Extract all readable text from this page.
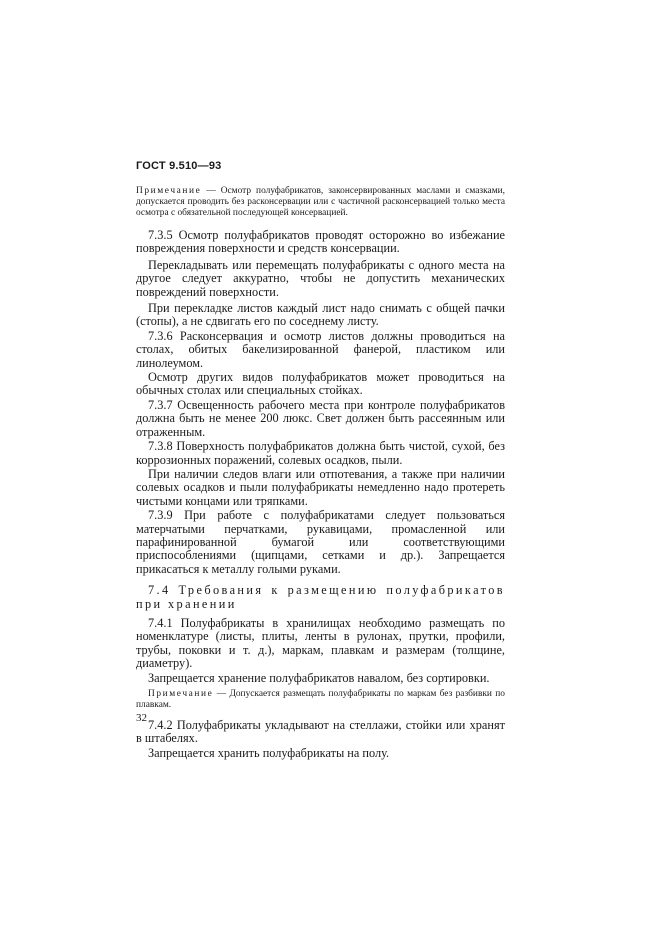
ГОСТ 9.510—93
Примечание — Осмотр полуфабрикатов, законсервированных маслами и смазками, допускается проводить без расконсервации или с частичной расконсервацией только места осмотра с обязательной последующей консервацией.

7.3.5 Осмотр полуфабрикатов проводят осторожно во избежание повреждения поверхности и средств консервации.

Перекладывать или перемещать полуфабрикаты с одного места на другое следует аккуратно, чтобы не допустить механических повреждений поверхности.

При перекладке листов каждый лист надо снимать с общей пачки (стопы), а не сдвигать его по соседнему листу.

7.3.6 Расконсервация и осмотр листов должны проводиться на столах, обитых бакелизированной фанерой, пластиком или линолеумом.

Осмотр других видов полуфабрикатов может проводиться на обычных столах или специальных стойках.

7.3.7 Освещенность рабочего места при контроле полуфабрикатов должна быть не менее 200 люкс. Свет должен быть рассеянным или отраженным.

7.3.8 Поверхность полуфабрикатов должна быть чистой, сухой, без коррозионных поражений, солевых осадков, пыли.

При наличии следов влаги или отпотевания, а также при наличии солевых осадков и пыли полуфабрикаты немедленно надо протереть чистыми концами или тряпками.

7.3.9 При работе с полуфабрикатами следует пользоваться матерчатыми перчатками, рукавицами, промасленной или парафинированной бумагой или соответствующими приспособлениями (щипцами, сетками и др.). Запрещается прикасаться к металлу голыми руками.

7.4 Требования к размещению полуфабрикатов при хранении

7.4.1 Полуфабрикаты в хранилищах необходимо размещать по номенклатуре (листы, плиты, ленты в рулонах, прутки, профили, трубы, поковки и т. д.), маркам, плавкам и размерам (толщине, диаметру).

Запрещается хранение полуфабрикатов навалом, без сортировки.

Примечание — Допускается размещать полуфабрикаты по маркам без разбивки по плавкам.

7.4.2 Полуфабрикаты укладывают на стеллажи, стойки или хранят в штабелях.

Запрещается хранить полуфабрикаты на полу.

32
